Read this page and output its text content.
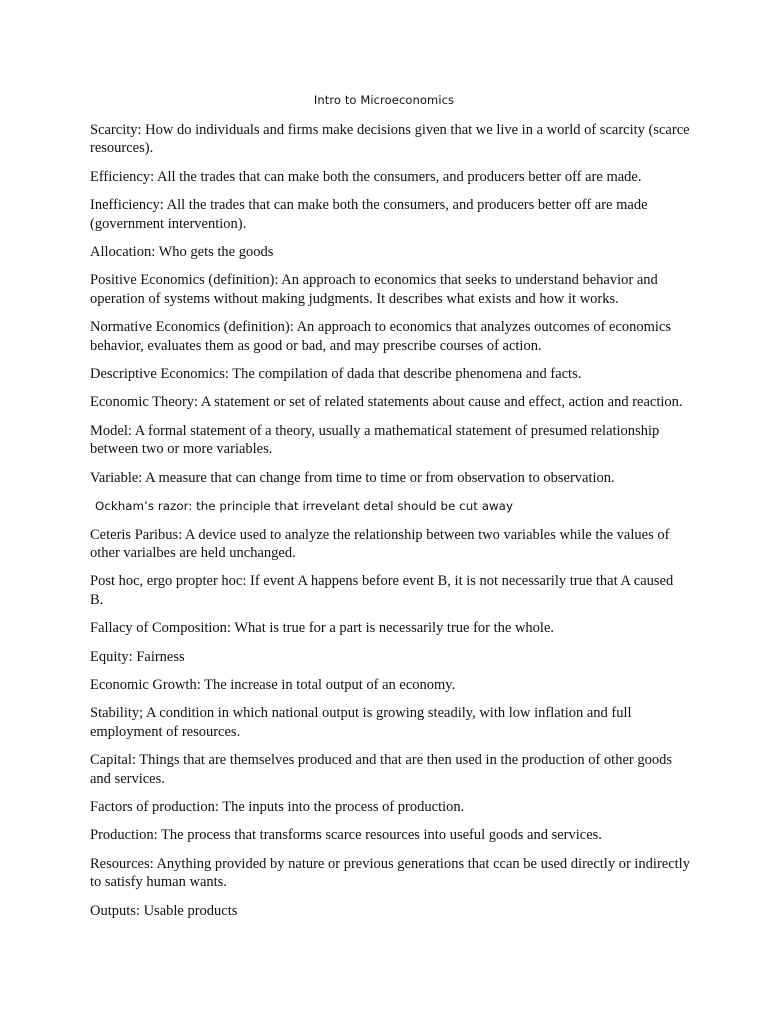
Intro to Microeconomics

Scarcity: How do individuals and firms make decisions given that we live in a world of scarcity (scarce resources).

Efficiency: All the trades that can make both the consumers, and producers better off are made.

Inefficiency: All the trades that can make both the consumers, and producers better off are made (government intervention).

Allocation: Who gets the goods

Positive Economics (definition): An approach to economics that seeks to understand behavior and operation of systems without making judgments. It describes what exists and how it works.

Normative Economics (definition): An approach to economics that analyzes outcomes of economics behavior, evaluates them as good or bad, and may prescribe courses of action.

Descriptive Economics: The compilation of dada that describe phenomena and facts.

Economic Theory: A statement or set of related statements about cause and effect, action and reaction.

Model: A formal statement of a theory, usually a mathematical statement of presumed relationship between two or more variables.

Variable: A measure that can change from time to time or from observation to observation.

Ockham’s razor: the principle that irrevelant detal should be cut away

Ceteris Paribus: A device used to analyze the relationship between two variables while the values of other varialbes are held unchanged.

Post hoc, ergo propter hoc: If event A happens before event B, it is not necessarily true that A caused B.

Fallacy of Composition: What is true for a part is necessarily true for the whole.

Equity: Fairness

Economic Growth: The increase in total output of an economy.

Stability; A condition in which national output is growing steadily, with low inflation and full employment of resources.

Capital: Things that are themselves produced and that are then used in the production of other goods and services.

Factors of production: The inputs into the process of production.

Production: The process that transforms scarce resources into useful goods and services.

Resources: Anything provided by nature or previous generations that ccan be used directly or indirectly to satisfy human wants.

Outputs: Usable products
